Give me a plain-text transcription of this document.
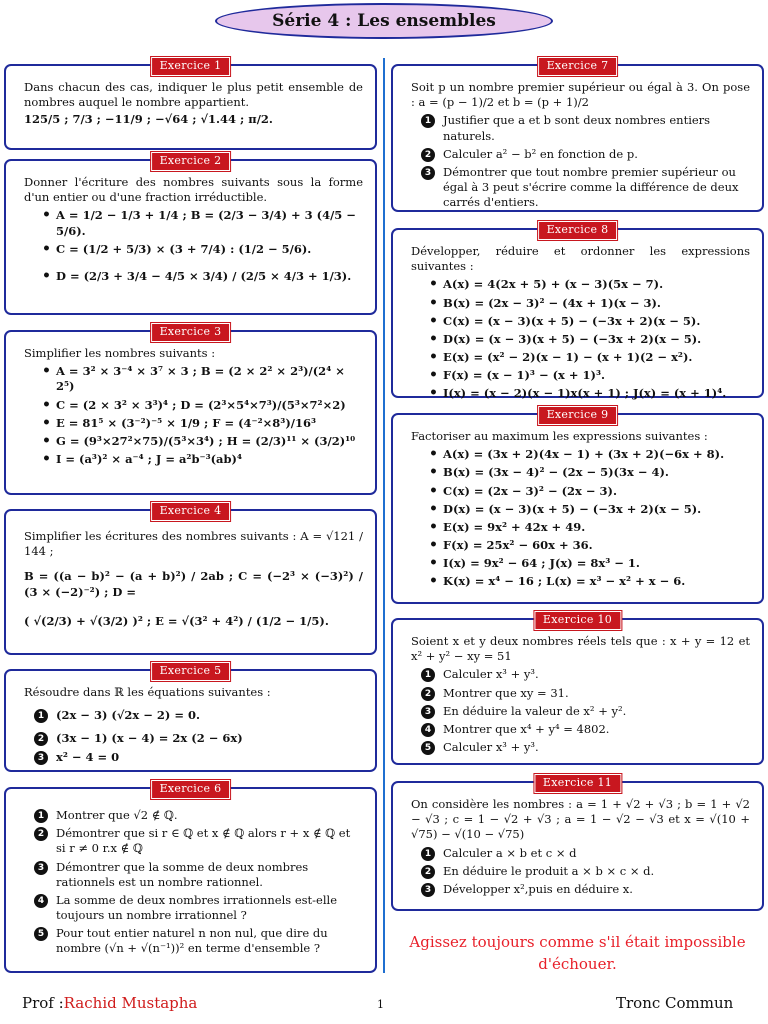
Série 4 : Les ensembles
Exercice 1

Dans chacun des cas, indiquer le plus petit ensemble de nombres auquel le nombre appartient.

125/5 ; 7/3 ; −11/9 ; −√64 ; √1.44 ; π/2.

Exercice 2

Donner l'écriture des nombres suivants sous la forme d'un entier ou d'une fraction irréductible.

• A = 1/2 − 1/3 + 1/4 ; B = (2/3 − 3/4) + 3 (4/5 − 5/6).
• C = (1/2 + 5/3) × (3 + 7/4) : (1/2 − 5/6).
• D = (2/3 + 3/4 − 4/5 × 3/4) / (2/5 × 4/3 + 1/3).
Exercice 3

Simplifier les nombres suivants :

• A = 3² × 3⁻⁴ × 3⁷ × 3 ; B = (2 × 2² × 2³)/(2⁴ × 2⁵)
• C = (2 × 3² × 3³)⁴ ; D = (2³×5⁴×7³)/(5³×7²×2)
• E = 81⁵ × (3⁻²)⁻⁵ × 1/9 ; F = (4⁻²×8³)/16³
• G = (9³×27²×75)/(5³×3⁴) ; H = (2/3)¹¹ × (3/2)¹⁰
• I = (a³)² × a⁻⁴ ; J = a²b⁻³(ab)⁴
Exercice 4

Simplifier les écritures des nombres suivants : A = √121 / 144 ;

B = ((a − b)² − (a + b)²) / 2ab ; C = (−2³ × (−3)²) / (3 × (−2)⁻²) ; D =

( √(2/3) + √(3/2) )² ; E = √(3² + 4²) / (1/2 − 1/5).

Exercice 5

Résoudre dans ℝ les équations suivantes :

1	(2x − 3) (√2x − 2) = 0.
2	(3x − 1) (x − 4) = 2x (2 − 6x)
3	x² − 4 = 0
Exercice 6
1	Montrer que √2 ∉ ℚ.
2	Démontrer que si r ∈ ℚ et x ∉ ℚ alors r + x ∉ ℚ et si r ≠ 0 r.x ∉ ℚ
3	Démontrer que la somme de deux nombres rationnels est un nombre rationnel.
4	La somme de deux nombres irrationnels est-elle toujours un nombre irrationnel ?
5	Pour tout entier naturel n non nul, que dire du nombre (√n + √(n⁻¹))² en terme d'ensemble ?
Exercice 7

Soit p un nombre premier supérieur ou égal à 3. On pose : a = (p − 1)/2 et b = (p + 1)/2

1	Justifier que a et b sont deux nombres entiers naturels.
2	Calculer a² − b² en fonction de p.
3	Démontrer que tout nombre premier supérieur ou égal à 3 peut s'écrire comme la différence de deux carrés d'entiers.
Exercice 8

Développer, réduire et ordonner les expressions suivantes :

• A(x) = 4(2x + 5) + (x − 3)(5x − 7).
• B(x) = (2x − 3)² − (4x + 1)(x − 3).
• C(x) = (x − 3)(x + 5) − (−3x + 2)(x − 5).
• D(x) = (x − 3)(x + 5) − (−3x + 2)(x − 5).
• E(x) = (x² − 2)(x − 1) − (x + 1)(2 − x²).
• F(x) = (x − 1)³ − (x + 1)³.
• I(x) = (x − 2)(x − 1)x(x + 1) ; J(x) = (x + 1)⁴.
Exercice 9

Factoriser au maximum les expressions suivantes :

• A(x) = (3x + 2)(4x − 1) + (3x + 2)(−6x + 8).
• B(x) = (3x − 4)² − (2x − 5)(3x − 4).
• C(x) = (2x − 3)² − (2x − 3).
• D(x) = (x − 3)(x + 5) − (−3x + 2)(x − 5).
• E(x) = 9x² + 42x + 49.
• F(x) = 25x² − 60x + 36.
• I(x) = 9x² − 64 ; J(x) = 8x³ − 1.
• K(x) = x⁴ − 16 ; L(x) = x³ − x² + x − 6.
Exercice 10

Soient x et y deux nombres réels tels que : x + y = 12 et x² + y² − xy = 51

1	Calculer x³ + y³.
2	Montrer que xy = 31.
3	En déduire la valeur de x² + y².
4	Montrer que x⁴ + y⁴ = 4802.
5	Calculer x³ + y³.
Exercice 11

On considère les nombres : a = 1 + √2 + √3 ; b = 1 + √2 − √3 ; c = 1 − √2 + √3 ; a = 1 − √2 − √3 et x = √(10 + √75) − √(10 − √75)

1	Calculer a × b et c × d
2	En déduire le produit a × b × c × d.
3	Développer x²,puis en déduire x.
Agissez toujours comme s'il était impossible d'échouer.
Prof :Rachid Mustapha	1	Tronc Commun
